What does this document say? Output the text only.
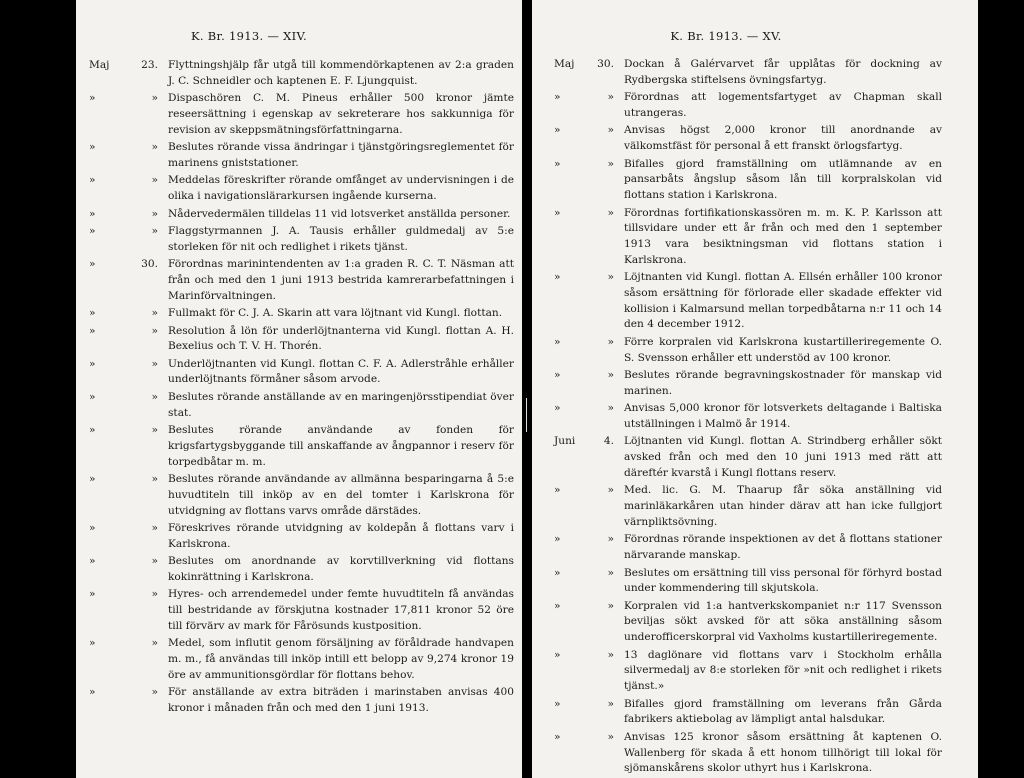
K. Br. 1913. — XIV.
Maj	23. Flyttningshjälp får utgå till kommendörkaptenen av 2:a graden J. C. Schneidler och kaptenen E. F. Ljungquist.
»	» Dispaschören C. M. Pineus erhåller 500 kronor jämte reseersättning i egenskap av sekreterare hos sakkunniga för revision av skeppsmätningsförfattningarna.
»	» Beslutes rörande vissa ändringar i tjänstgöringsreglementet för marinens gniststationer.
»	» Meddelas föreskrifter rörande omfånget av undervisningen i de olika i navigationslärarkursen ingående kurserna.
»	» Nådervedermälen tilldelas 11 vid lotsverket anställda personer.
»	» Flaggstyrmannen J. A. Tausis erhåller guldmedalj av 5:e storleken för nit och redlighet i rikets tjänst.
»	30. Förordnas marinintendenten av 1:a graden R. C. T. Näsman att från och med den 1 juni 1913 bestrida kamrerarbefattningen i Marinförvaltningen.
»	» Fullmakt för C. J. A. Skarin att vara löjtnant vid Kungl. flottan.
»	» Resolution å lön för underlöjtnanterna vid Kungl. flottan A. H. Bexelius och T. V. H. Thorén.
»	» Underlöjtnanten vid Kungl. flottan C. F. A. Adlerstråhle erhåller underlöjtnants förmåner såsom arvode.
»	» Beslutes rörande anställande av en maringenjörsstipendiat över stat.
»	» Beslutes rörande användande av fonden för krigsfartygsbyggande till anskaffande av ångpannor i reserv för torpedbåtar m. m.
»	» Beslutes rörande användande av allmänna besparingarna å 5:e huvudtiteln till inköp av en del tomter i Karlskrona för utvidgning av flottans varvs område därstädes.
»	» Föreskrives rörande utvidgning av koldepån å flottans varv i Karlskrona.
»	» Beslutes om anordnande av korvtillverkning vid flottans kokinrättning i Karlskrona.
»	» Hyres- och arrendemedel under femte huvudtiteln få användas till bestridande av förskjutna kostnader 17,811 kronor 52 öre till förvärv av mark för Fårösunds kustposition.
»	» Medel, som influtit genom försäljning av föråldrade handvapen m. m., få användas till inköp intill ett belopp av 9,274 kronor 19 öre av ammunitionsgördlar för flottans behov.
»	» För anställande av extra biträden i marinstaben anvisas 400 kronor i månaden från och med den 1 juni 1913.
K. Br. 1913. — XV.
Maj	30. Dockan å Galérvarvet får upplåtas för dockning av Rydbergska stiftelsens övningsfartyg.
»	» Förordnas att logementsfartyget av Chapman skall utrangeras.
»	» Anvisas högst 2,000 kronor till anordnande av välkomstfäst för personal å ett franskt örlogsfartyg.
»	» Bifalles gjord framställning om utlämnande av en pansarbåts ångslup såsom lån till korpralskolan vid flottans station i Karlskrona.
»	» Förordnas fortifikationskassören m. m. K. P. Karlsson att tillsvidare under ett år från och med den 1 september 1913 vara besiktningsman vid flottans station i Karlskrona.
»	» Löjtnanten vid Kungl. flottan A. Ellsén erhåller 100 kronor såsom ersättning för förlorade eller skadade effekter vid kollision i Kalmarsund mellan torpedbåtarna n:r 11 och 14 den 4 december 1912.
»	» Förre korpralen vid Karlskrona kustartilleriregemente O. S. Svensson erhåller ett understöd av 100 kronor.
»	» Beslutes rörande begravningskostnader för manskap vid marinen.
»	» Anvisas 5,000 kronor för lotsverkets deltagande i Baltiska utställningen i Malmö år 1914.
Juni	4. Löjtnanten vid Kungl. flottan A. Strindberg erhåller sökt avsked från och med den 10 juni 1913 med rätt att däreftér kvarstå i Kungl flottans reserv.
»	» Med. lic. G. M. Thaarup får söka anställning vid marinläkarkåren utan hinder därav att han icke fullgjort värnpliktsövning.
»	» Förordnas rörande inspektionen av det å flottans stationer närvarande manskap.
»	» Beslutes om ersättning till viss personal för förhyrd bostad under kommendering till skjutskola.
»	» Korpralen vid 1:a hantverkskompaniet n:r 117 Svensson beviljas sökt avsked för att söka anställning såsom underofficerskorpral vid Vaxholms kustartilleriregemente.
»	» 13 daglönare vid flottans varv i Stockholm erhålla silvermedalj av 8:e storleken för »nit och redlighet i rikets tjänst.»
»	» Bifalles gjord framställning om leverans från Gårda fabrikers aktiebolag av lämpligt antal halsdukar.
»	» Anvisas 125 kronor såsom ersättning åt kaptenen O. Wallenberg för skada å ett honom tillhörigt till lokal för sjömanskårens skolor uthyrt hus i Karlskrona.
